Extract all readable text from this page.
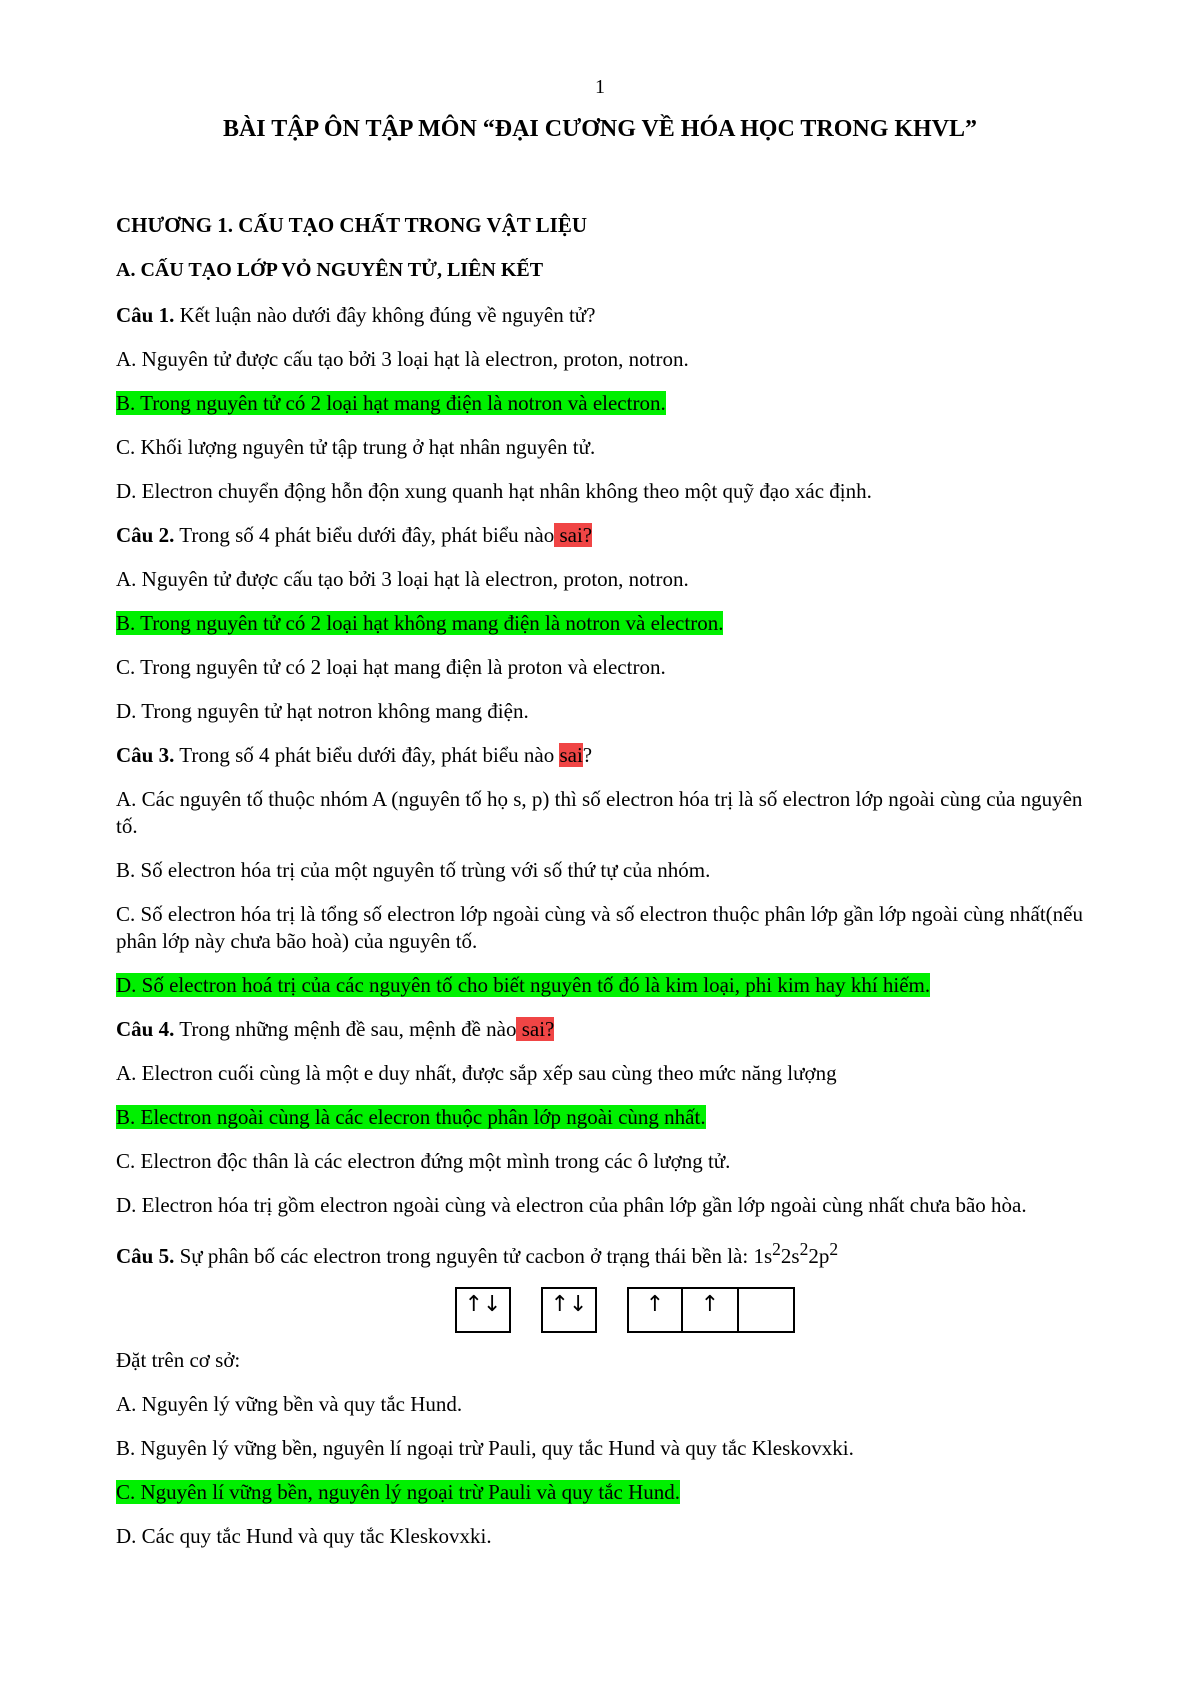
1
BÀI TẬP ÔN TẬP MÔN “ĐẠI CƯƠNG VỀ HÓA HỌC TRONG KHVL”
CHƯƠNG 1. CẤU TẠO CHẤT TRONG VẬT LIỆU
A. CẤU TẠO LỚP VỎ NGUYÊN TỬ, LIÊN KẾT
Câu 1. Kết luận nào dưới đây không đúng về nguyên tử?
A. Nguyên tử được cấu tạo bởi 3 loại hạt là electron, proton, notron.
B. Trong nguyên tử có 2 loại hạt mang điện là notron và electron.
C. Khối lượng nguyên tử tập trung ở hạt nhân nguyên tử.
D. Electron chuyển động hỗn độn xung quanh hạt nhân không theo một quỹ đạo xác định.
Câu 2. Trong số 4 phát biểu dưới đây, phát biểu nào sai?
A. Nguyên tử được cấu tạo bởi 3 loại hạt là electron, proton, notron.
B. Trong nguyên tử có 2 loại hạt không mang điện là notron và electron.
C. Trong nguyên tử có 2 loại hạt mang điện là proton và electron.
D. Trong nguyên tử hạt notron không mang điện.
Câu 3. Trong số 4 phát biểu dưới đây, phát biểu nào sai?
A. Các nguyên tố thuộc nhóm A (nguyên tố họ s, p) thì số electron hóa trị là số electron lớp ngoài cùng của nguyên tố.
B. Số electron hóa trị của một nguyên tố trùng với số thứ tự của nhóm.
C. Số electron hóa trị là tổng số electron lớp ngoài cùng và số electron thuộc phân lớp gần lớp ngoài cùng nhất(nếu phân lớp này chưa bão hoà) của nguyên tố.
D. Số electron hoá trị của các nguyên tố cho biết nguyên tố đó là kim loại, phi kim hay khí hiếm.
Câu 4. Trong những mệnh đề sau, mệnh đề nào sai?
A. Electron cuối cùng là một e duy nhất, được sắp xếp sau cùng theo mức năng lượng
B. Electron ngoài cùng là các elecron thuộc phân lớp ngoài cùng nhất.
C. Electron độc thân là các electron đứng một mình trong các ô lượng tử.
D. Electron hóa trị gồm electron ngoài cùng và electron của phân lớp gần lớp ngoài cùng nhất chưa bão hòa.
Câu 5. Sự phân bố các electron trong nguyên tử cacbon ở trạng thái bền là: $1s^22s^22p^2$
↑↓	↑↓	↑	↑
Đặt trên cơ sở:
A. Nguyên lý vững bền và quy tắc Hund.
B. Nguyên lý vững bền, nguyên lí ngoại trừ Pauli, quy tắc Hund và quy tắc Kleskovxki.
C. Nguyên lí vững bền, nguyên lý ngoại trừ Pauli và quy tắc Hund.
D. Các quy tắc Hund và quy tắc Kleskovxki.
